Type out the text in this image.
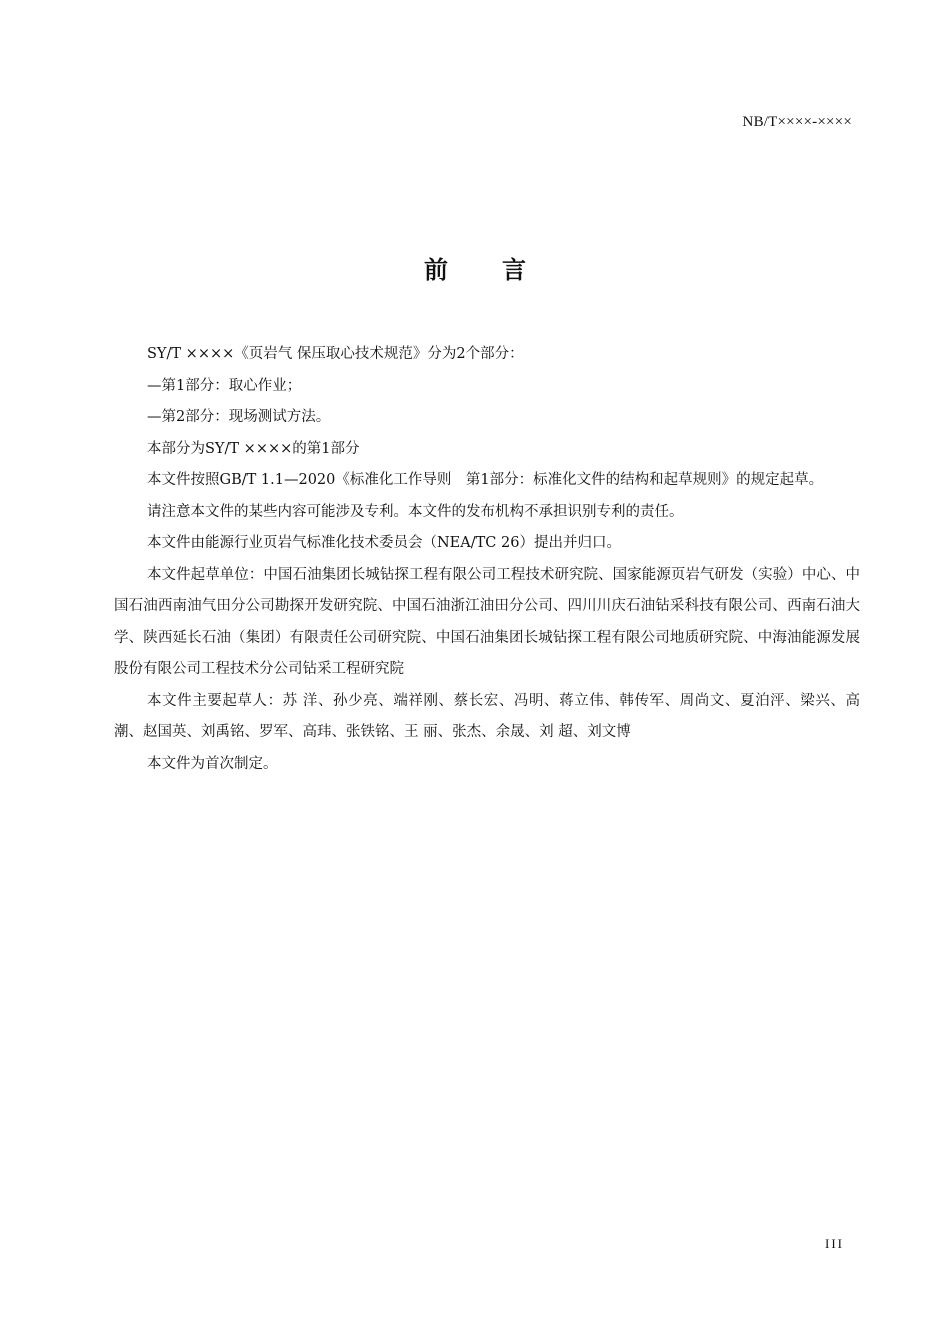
NB/T××××-××××
前 言

SY/T ××××《页岩气 保压取心技术规范》分为2个部分：

—第1部分：取心作业；

—第2部分：现场测试方法。

本部分为SY/T ××××的第1部分

本文件按照GB/T 1.1—2020《标准化工作导则　第1部分：标准化文件的结构和起草规则》的规定起草。

请注意本文件的某些内容可能涉及专利。本文件的发布机构不承担识别专利的责任。

本文件由能源行业页岩气标准化技术委员会（NEA/TC 26）提出并归口。

本文件起草单位：中国石油集团长城钻探工程有限公司工程技术研究院、国家能源页岩气研发（实验）中心、中国石油西南油气田分公司勘探开发研究院、中国石油浙江油田分公司、四川川庆石油钻采科技有限公司、西南石油大学、陕西延长石油（集团）有限责任公司研究院、中国石油集团长城钻探工程有限公司地质研究院、中海油能源发展股份有限公司工程技术分公司钻采工程研究院

本文件主要起草人：苏 洋、孙少亮、端祥刚、蔡长宏、冯明、蒋立伟、韩传军、周尚文、夏泊泙、梁兴、高潮、赵国英、刘禹铭、罗军、高玮、张铁铭、王 丽、张杰、余晟、刘 超、刘文博

本文件为首次制定。

III
